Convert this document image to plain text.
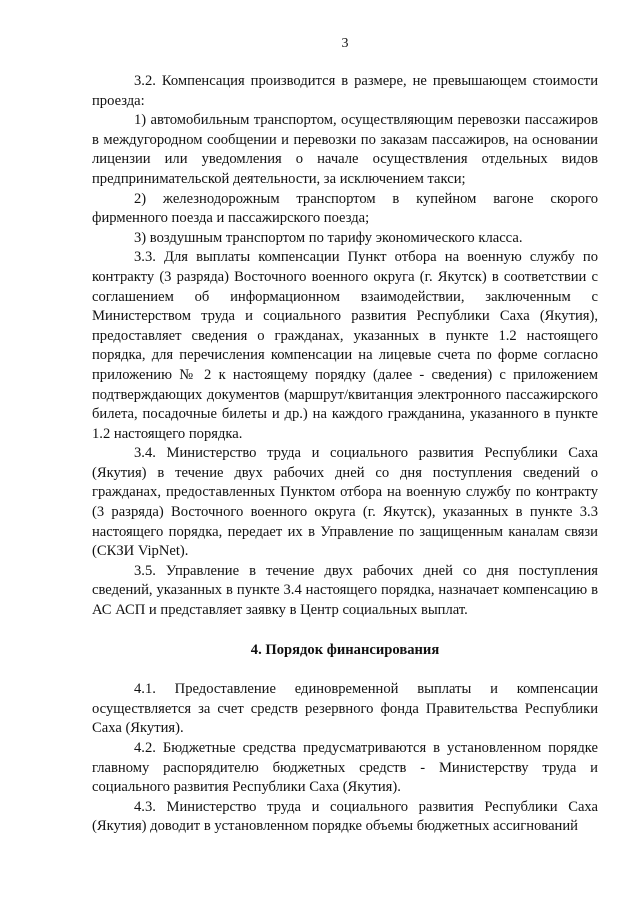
3

3.2. Компенсация производится в размере, не превышающем стоимости проезда:

1) автомобильным транспортом, осуществляющим перевозки пассажиров в междугородном сообщении и перевозки по заказам пассажиров, на основании лицензии или уведомления о начале осуществления отдельных видов предпринимательской деятельности, за исключением такси;

2) железнодорожным транспортом в купейном вагоне скорого фирменного поезда и пассажирского поезда;

3) воздушным транспортом по тарифу экономического класса.

3.3. Для выплаты компенсации Пункт отбора на военную службу по контракту (3 разряда) Восточного военного округа (г. Якутск) в соответствии с соглашением об информационном взаимодействии, заключенным с Министерством труда и социального развития Республики Саха (Якутия), предоставляет сведения о гражданах, указанных в пункте 1.2 настоящего порядка, для перечисления компенсации на лицевые счета по форме согласно приложению № 2 к настоящему порядку (далее - сведения) с приложением подтверждающих документов (маршрут/квитанция электронного пассажирского билета, посадочные билеты и др.) на каждого гражданина, указанного в пункте 1.2 настоящего порядка.

3.4. Министерство труда и социального развития Республики Саха (Якутия) в течение двух рабочих дней со дня поступления сведений о гражданах, предоставленных Пунктом отбора на военную службу по контракту (3 разряда) Восточного военного округа (г. Якутск), указанных в пункте 3.3 настоящего порядка, передает их в Управление по защищенным каналам связи (СКЗИ VipNet).

3.5. Управление в течение двух рабочих дней со дня поступления сведений, указанных в пункте 3.4 настоящего порядка, назначает компенсацию в АС АСП и представляет заявку в Центр социальных выплат.

4. Порядок финансирования

4.1. Предоставление единовременной выплаты и компенсации осуществляется за счет средств резервного фонда Правительства Республики Саха (Якутия).

4.2. Бюджетные средства предусматриваются в установленном порядке главному распорядителю бюджетных средств - Министерству труда и социального развития Республики Саха (Якутия).

4.3. Министерство труда и социального развития Республики Саха (Якутия) доводит в установленном порядке объемы бюджетных ассигнований
